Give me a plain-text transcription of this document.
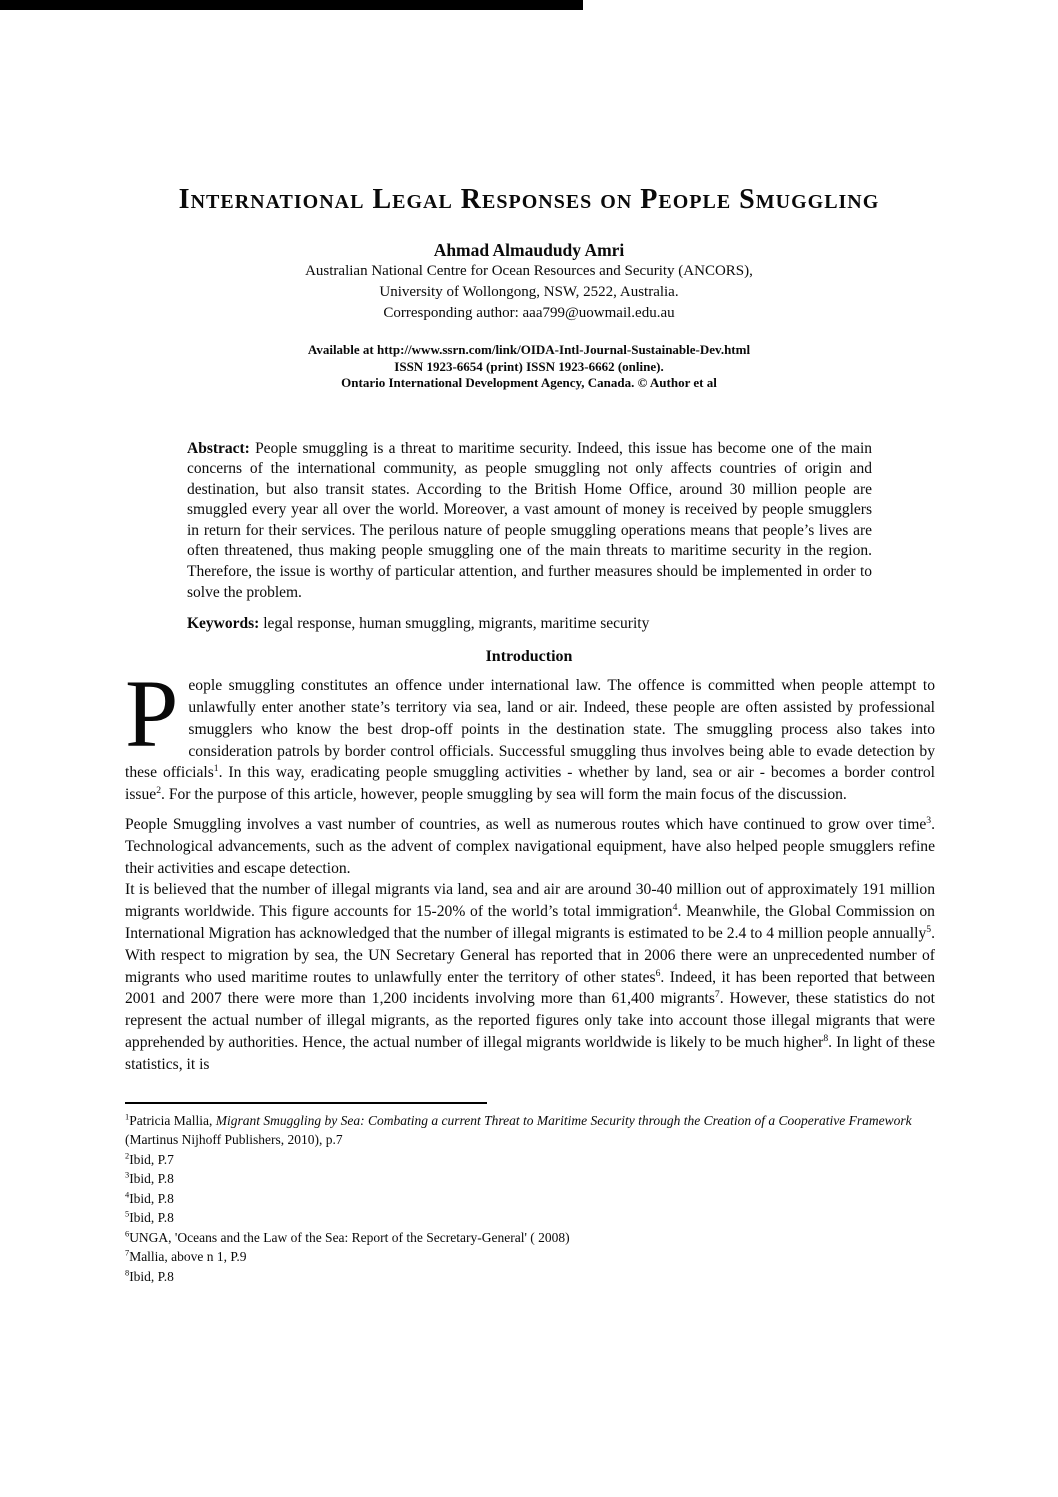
International Legal Responses on People Smuggling
Ahmad Almaududy Amri
Australian National Centre for Ocean Resources and Security (ANCORS),
University of Wollongong, NSW, 2522, Australia.
Corresponding author: aaa799@uowmail.edu.au
Available at http://www.ssrn.com/link/OIDA-Intl-Journal-Sustainable-Dev.html
ISSN 1923-6654 (print) ISSN 1923-6662 (online).
Ontario International Development Agency, Canada. © Author et al

Abstract: People smuggling is a threat to maritime security. Indeed, this issue has become one of the main concerns of the international community, as people smuggling not only affects countries of origin and destination, but also transit states. According to the British Home Office, around 30 million people are smuggled every year all over the world. Moreover, a vast amount of money is received by people smugglers in return for their services. The perilous nature of people smuggling operations means that people’s lives are often threatened, thus making people smuggling one of the main threats to maritime security in the region. Therefore, the issue is worthy of particular attention, and further measures should be implemented in order to solve the problem.

Keywords: legal response, human smuggling, migrants, maritime security

Introduction

People smuggling constitutes an offence under international law. The offence is committed when people attempt to unlawfully enter another state’s territory via sea, land or air. Indeed, these people are often assisted by professional smugglers who know the best drop-off points in the destination state. The smuggling process also takes into consideration patrols by border control officials. Successful smuggling thus involves being able to evade detection by these officials$^1$. In this way, eradicating people smuggling activities - whether by land, sea or air - becomes a border control issue$^2$. For the purpose of this article, however, people smuggling by sea will form the main focus of the discussion.

People Smuggling involves a vast number of countries, as well as numerous routes which have continued to grow over time$^3$. Technological advancements, such as the advent of complex navigational equipment, have also helped people smugglers refine their activities and escape detection.

It is believed that the number of illegal migrants via land, sea and air are around 30-40 million out of approximately 191 million migrants worldwide. This figure accounts for 15-20% of the world’s total immigration$^4$. Meanwhile, the Global Commission on International Migration has acknowledged that the number of illegal migrants is estimated to be 2.4 to 4 million people annually$^5$. With respect to migration by sea, the UN Secretary General has reported that in 2006 there were an unprecedented number of migrants who used maritime routes to unlawfully enter the territory of other states$^6$. Indeed, it has been reported that between 2001 and 2007 there were more than 1,200 incidents involving more than 61,400 migrants$^7$. However, these statistics do not represent the actual number of illegal migrants, as the reported figures only take into account those illegal migrants that were apprehended by authorities. Hence, the actual number of illegal migrants worldwide is likely to be much higher$^8$. In light of these statistics, it is

$^1$Patricia Mallia, Migrant Smuggling by Sea: Combating a current Threat to Maritime Security through the Creation of a Cooperative Framework (Martinus Nijhoff Publishers, 2010), p.7
$^2$Ibid, P.7
$^3$Ibid, P.8
$^4$Ibid, P.8
$^5$Ibid, P.8
$^6$UNGA, 'Oceans and the Law of the Sea: Report of the Secretary-General' ( 2008)
$^7$Mallia, above n 1, P.9
$^8$Ibid, P.8
